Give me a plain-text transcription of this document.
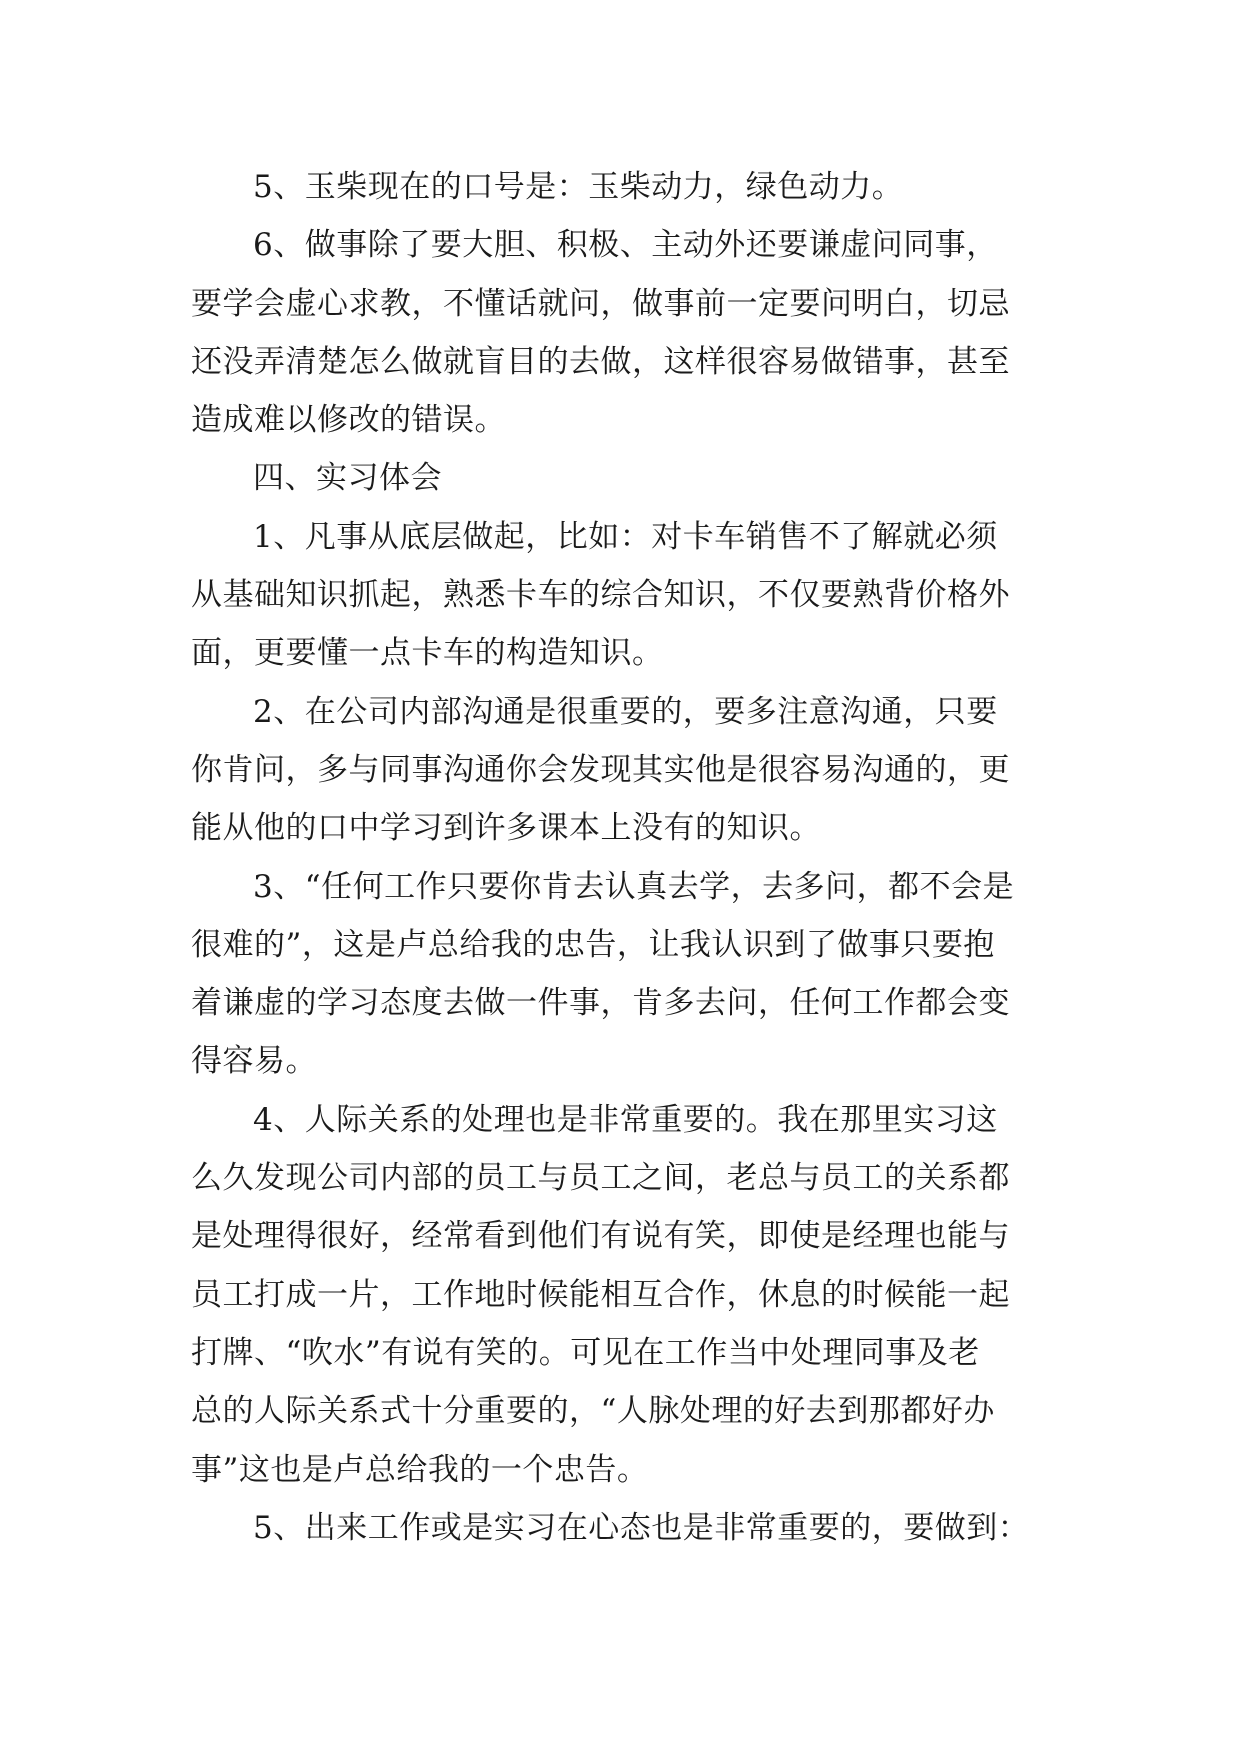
5、玉柴现在的口号是：玉柴动力，绿色动力。
6、做事除了要大胆、积极、主动外还要谦虚问同事，
要学会虚心求教，不懂话就问，做事前一定要问明白，切忌
还没弄清楚怎么做就盲目的去做，这样很容易做错事，甚至
造成难以修改的错误。
四、实习体会
1、凡事从底层做起，比如：对卡车销售不了解就必须
从基础知识抓起，熟悉卡车的综合知识，不仅要熟背价格外
面，更要懂一点卡车的构造知识。
2、在公司内部沟通是很重要的，要多注意沟通，只要
你肯问，多与同事沟通你会发现其实他是很容易沟通的，更
能从他的口中学习到许多课本上没有的知识。
3、“任何工作只要你肯去认真去学，去多问，都不会是
很难的”，这是卢总给我的忠告，让我认识到了做事只要抱
着谦虚的学习态度去做一件事，肯多去问，任何工作都会变
得容易。
4、人际关系的处理也是非常重要的。我在那里实习这
么久发现公司内部的员工与员工之间，老总与员工的关系都
是处理得很好，经常看到他们有说有笑，即使是经理也能与
员工打成一片，工作地时候能相互合作，休息的时候能一起
打牌、“吹水”有说有笑的。可见在工作当中处理同事及老
总的人际关系式十分重要的，“人脉处理的好去到那都好办
事”这也是卢总给我的一个忠告。
5、出来工作或是实习在心态也是非常重要的，要做到：
